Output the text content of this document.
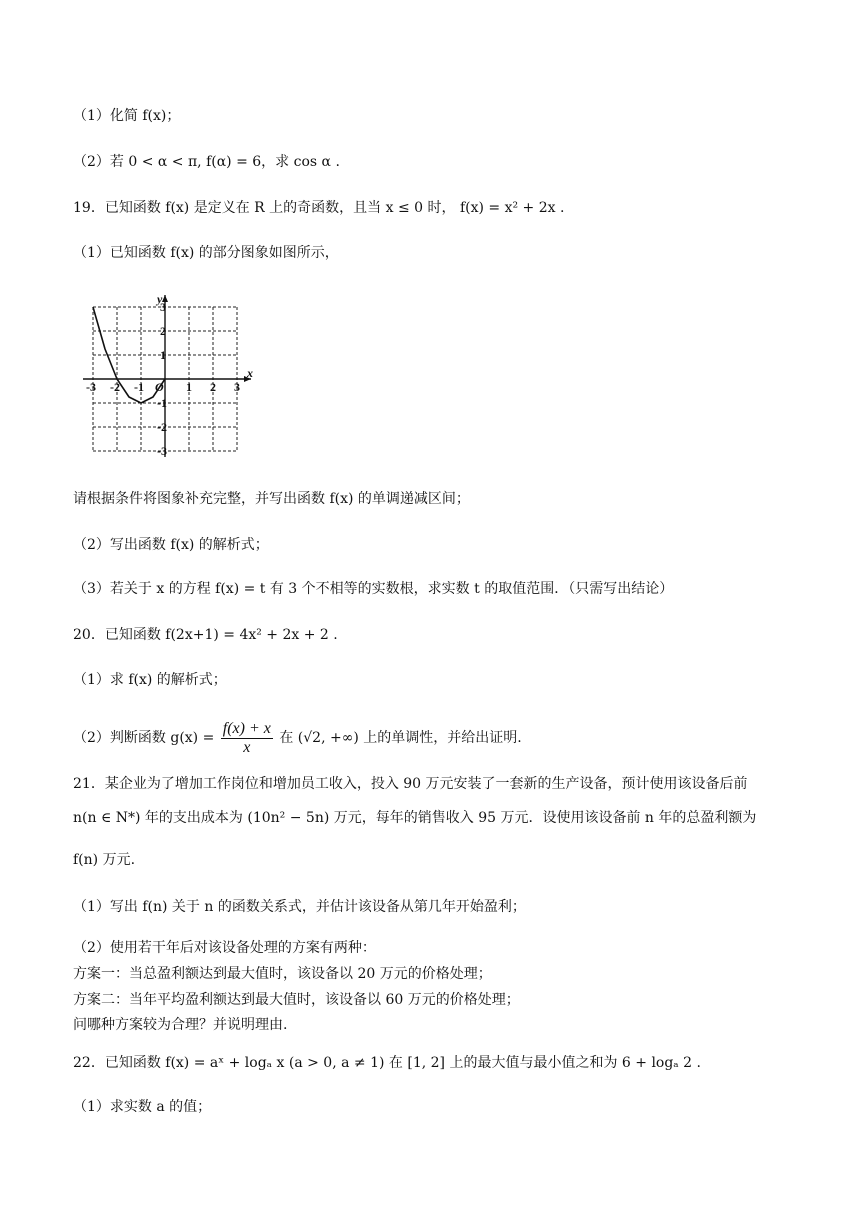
（1）化简 f(x)；
（2）若 0 < α < π, f(α) = 6，求 cos α .
19．已知函数 f(x) 是定义在 R 上的奇函数，且当 x ≤ 0 时， f(x) = x² + 2x .
（1）已知函数 f(x) 的部分图象如图所示，
x
y
O
-3 -2 -1	1 2 3
-3
-2
-1
1
2
3
请根据条件将图象补充完整，并写出函数 f(x) 的单调递减区间；
（2）写出函数 f(x) 的解析式；
（3）若关于 x 的方程 f(x) = t 有 3 个不相等的实数根，求实数 t 的取值范围．（只需写出结论）
20．已知函数 f(2x+1) = 4x² + 2x + 2 .
（1）求 f(x) 的解析式；
（2）判断函数 $g(x) = \frac{f(x) + x}{x}$ 在 (√2, +∞) 上的单调性，并给出证明.
21．某企业为了增加工作岗位和增加员工收入，投入 90 万元安装了一套新的生产设备，预计使用该设备后前
n(n ∈ N*) 年的支出成本为 (10n² − 5n) 万元，每年的销售收入 95 万元．设使用该设备前 n 年的总盈利额为
f(n) 万元.
（1）写出 f(n) 关于 n 的函数关系式，并估计该设备从第几年开始盈利；
（2）使用若干年后对该设备处理的方案有两种：
方案一：当总盈利额达到最大值时，该设备以 20 万元的价格处理；
方案二：当年平均盈利额达到最大值时，该设备以 60 万元的价格处理；
问哪种方案较为合理？并说明理由.
22．已知函数 f(x) = aˣ + logₐ x (a > 0, a ≠ 1) 在 [1, 2] 上的最大值与最小值之和为 6 + logₐ 2 .
（1）求实数 a 的值；
